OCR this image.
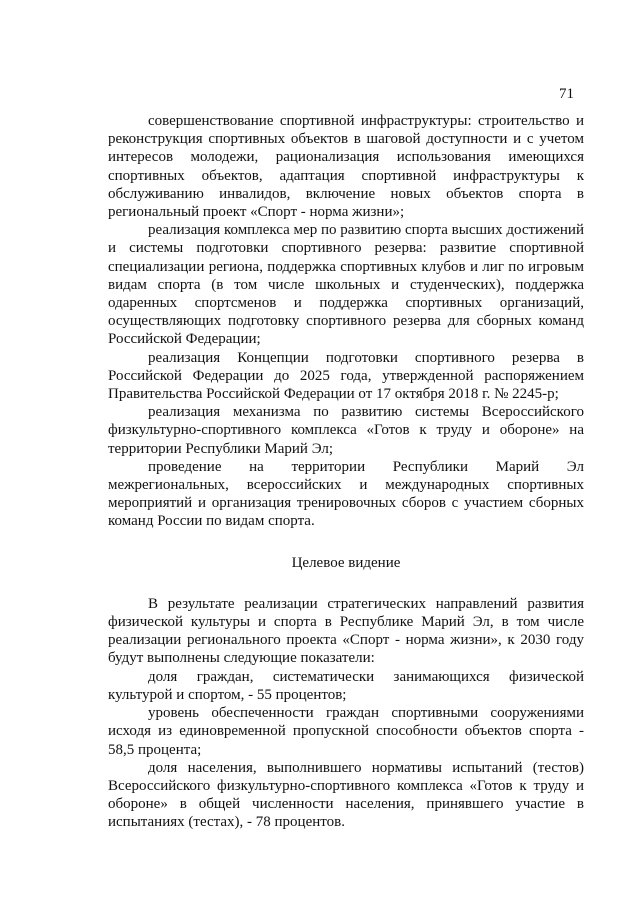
71

совершенствование спортивной инфраструктуры: строительство и реконструкция спортивных объектов в шаговой доступности и с учетом интересов молодежи, рационализация использования имеющихся спортивных объектов, адаптация спортивной инфраструктуры к обслуживанию инвалидов, включение новых объектов спорта в региональный проект «Спорт - норма жизни»;

реализация комплекса мер по развитию спорта высших достижений и системы подготовки спортивного резерва: развитие спортивной специализации региона, поддержка спортивных клубов и лиг по игровым видам спорта (в том числе школьных и студенческих), поддержка одаренных спортсменов и поддержка спортивных организаций, осуществляющих подготовку спортивного резерва для сборных команд Российской Федерации;

реализация Концепции подготовки спортивного резерва в Российской Федерации до 2025 года, утвержденной распоряжением Правительства Российской Федерации от 17 октября 2018 г. № 2245-р;

реализация механизма по развитию системы Всероссийского физкультурно-спортивного комплекса «Готов к труду и обороне» на территории Республики Марий Эл;

проведение на территории Республики Марий Эл межрегиональных, всероссийских и международных спортивных мероприятий и организация тренировочных сборов с участием сборных команд России по видам спорта.

Целевое видение

В результате реализации стратегических направлений развития физической культуры и спорта в Республике Марий Эл, в том числе реализации регионального проекта «Спорт - норма жизни», к 2030 году будут выполнены следующие показатели:

доля граждан, систематически занимающихся физической культурой и спортом, - 55 процентов;

уровень обеспеченности граждан спортивными сооружениями исходя из единовременной пропускной способности объектов спорта - 58,5 процента;

доля населения, выполнившего нормативы испытаний (тестов) Всероссийского физкультурно-спортивного комплекса «Готов к труду и обороне» в общей численности населения, принявшего участие в испытаниях (тестах), - 78 процентов.
